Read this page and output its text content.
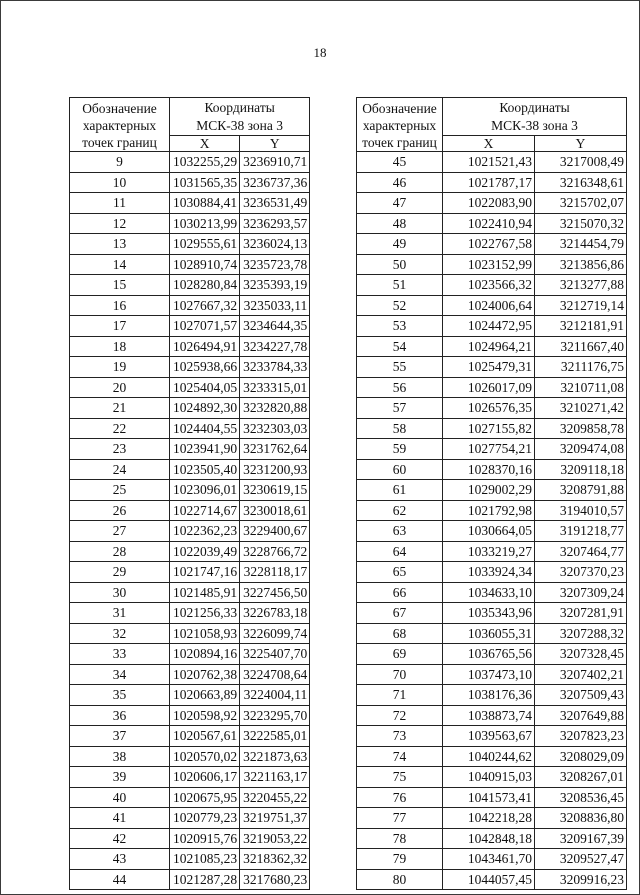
18
Обозначение
характерных
точек границ	Координаты
МСК-38 зона 3	
	X	Y
9	1032255,29	3236910,71
10	1031565,35	3236737,36
11	1030884,41	3236531,49
12	1030213,99	3236293,57
13	1029555,61	3236024,13
14	1028910,74	3235723,78
15	1028280,84	3235393,19
16	1027667,32	3235033,11
17	1027071,57	3234644,35
18	1026494,91	3234227,78
19	1025938,66	3233784,33
20	1025404,05	3233315,01
21	1024892,30	3232820,88
22	1024404,55	3232303,03
23	1023941,90	3231762,64
24	1023505,40	3231200,93
25	1023096,01	3230619,15
26	1022714,67	3230018,61
27	1022362,23	3229400,67
28	1022039,49	3228766,72
29	1021747,16	3228118,17
30	1021485,91	3227456,50
31	1021256,33	3226783,18
32	1021058,93	3226099,74
33	1020894,16	3225407,70
34	1020762,38	3224708,64
35	1020663,89	3224004,11
36	1020598,92	3223295,70
37	1020567,61	3222585,01
38	1020570,02	3221873,63
39	1020606,17	3221163,17
40	1020675,95	3220455,22
41	1020779,23	3219751,37
42	1020915,76	3219053,22
43	1021085,23	3218362,32
44	1021287,28	3217680,23
Обозначение
характерных
точек границ	Координаты
МСК-38 зона 3	
	X	Y
45	1021521,43	3217008,49
46	1021787,17	3216348,61
47	1022083,90	3215702,07
48	1022410,94	3215070,32
49	1022767,58	3214454,79
50	1023152,99	3213856,86
51	1023566,32	3213277,88
52	1024006,64	3212719,14
53	1024472,95	3212181,91
54	1024964,21	3211667,40
55	1025479,31	3211176,75
56	1026017,09	3210711,08
57	1026576,35	3210271,42
58	1027155,82	3209858,78
59	1027754,21	3209474,08
60	1028370,16	3209118,18
61	1029002,29	3208791,88
62	1021792,98	3194010,57
63	1030664,05	3191218,77
64	1033219,27	3207464,77
65	1033924,34	3207370,23
66	1034633,10	3207309,24
67	1035343,96	3207281,91
68	1036055,31	3207288,32
69	1036765,56	3207328,45
70	1037473,10	3207402,21
71	1038176,36	3207509,43
72	1038873,74	3207649,88
73	1039563,67	3207823,23
74	1040244,62	3208029,09
75	1040915,03	3208267,01
76	1041573,41	3208536,45
77	1042218,28	3208836,80
78	1042848,18	3209167,39
79	1043461,70	3209527,47
80	1044057,45	3209916,23
